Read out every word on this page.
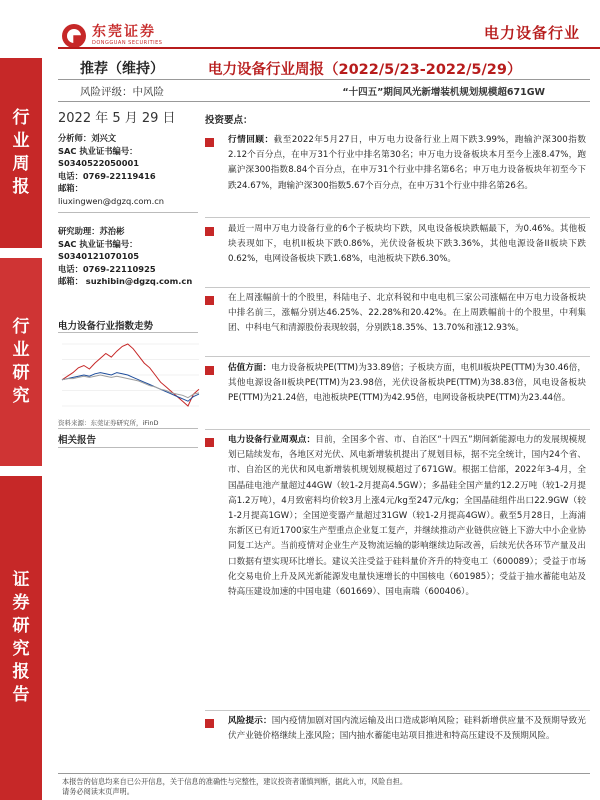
东莞证券
DONGGUAN SECURITIES
电力设备行业
行业周报
行业研究
证券研究报告
推荐（维持）	电力设备行业周报（2022/5/23-2022/5/29）
风险评级：中风险	“十四五”期间风光新增装机规划规模超671GW
2022 年 5 月 29 日
分析师：刘兴文
SAC 执业证书编号：
S0340522050001
电话：0769-22119416
邮箱：
liuxingwen@dgzq.com.cn
研究助理：苏治彬
SAC 执业证书编号：
S0340121070105
电话：0769-22110925
邮箱： suzhibin@dgzq.com.cn
电力设备行业指数走势
资料来源：东莞证券研究所，iFinD
相关报告
投资要点：
行情回顾：截至2022年5月27日，申万电力设备行业上周下跌3.99%，跑输沪深300指数2.12个百分点，在申万31个行业中排名第30名；申万电力设备板块本月至今上涨8.47%，跑赢沪深300指数8.84个百分点，在申万31个行业中排名第6名；申万电力设备板块年初至今下跌24.67%，跑输沪深300指数5.67个百分点，在申万31个行业中排名第26名。
最近一周申万电力设备行业的6个子板块均下跌，风电设备板块跌幅最下，为0.46%。其他板块表现如下，电机II板块下跌0.86%，光伏设备板块下跌3.36%，其他电源设备II板块下跌0.62%，电网设备板块下跌1.68%，电池板块下跌6.30%。
在上周涨幅前十的个股里，科陆电子、北京科锐和中电电机三家公司涨幅在申万电力设备板块中排名前三，涨幅分别达46.25%、22.28%和20.42%。在上周跌幅前十的个股里，中利集团、中科电气和清源股份表现较弱，分别跌18.35%、13.70%和涨12.93%。
估值方面：电力设备板块PE(TTM)为33.89倍；子板块方面，电机II板块PE(TTM)为30.46倍，其他电源设备II板块PE(TTM)为23.98倍，光伏设备板块PE(TTM)为38.83倍，风电设备板块PE(TTM)为21.24倍，电池板块PE(TTM)为42.95倍，电网设备板块PE(TTM)为23.44倍。
电力设备行业周观点：目前，全国多个省、市、自治区“十四五”期间新能源电力的发展规模规划已陆续发布，各地区对光伏、风电新增装机提出了规划目标，据不完全统计，国内24个省、市、自治区的光伏和风电新增装机规划规模超过了671GW。根据工信部，2022年3-4月，全国晶硅电池产量超过44GW（较1-2月提高4.5GW）；多晶硅全国产量约12.2万吨（较1-2月提高1.2万吨），4月致密料均价较3月上涨4元/kg至247元/kg；全国晶硅组件出口22.9GW（较1-2月提高1GW）；全国逆变器产量超过31GW（较1-2月提高4GW）。截至5月28日，上海浦东新区已有近1700家生产型重点企业复工复产，并继续推动产业链供应链上下游大中小企业协同复工达产。当前疫情对企业生产及物流运输的影响继续边际改善，后续光伏各环节产量及出口数据有望实现环比增长。建议关注受益于硅料量价齐升的特变电工（600089）；受益于市场化交易电价上升及风光新能源发电量快速增长的中国核电（601985）；受益于抽水蓄能电站及特高压建设加速的中国电建（601669）、国电南瑞（600406）。
风险提示：国内疫情加剧对国内流运输及出口造成影响风险；硅料新增供应量不及预期导致光伏产业链价格继续上涨风险；国内抽水蓄能电站项目推进和特高压建设不及预期风险。
本报告的信息均来自已公开信息，关于信息的准确性与完整性，建议投资者谨慎判断，据此入市，风险自担。
请务必阅读末页声明。
